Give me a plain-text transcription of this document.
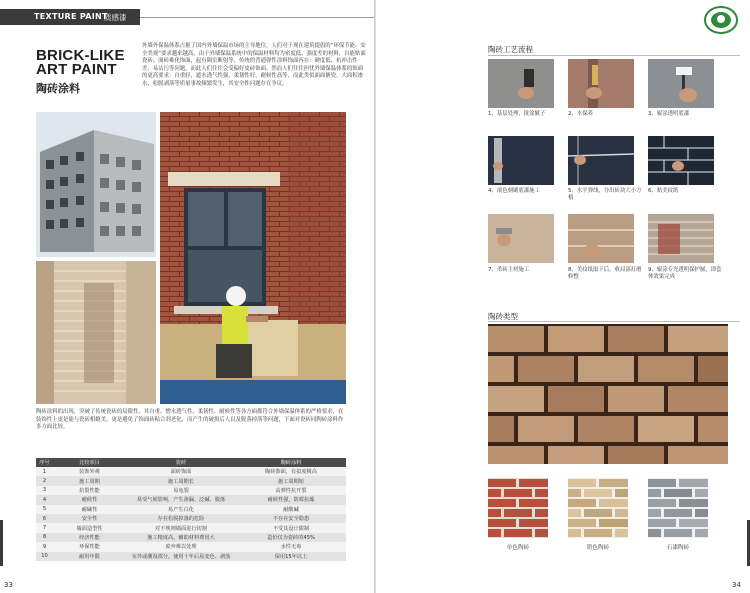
TEXTURE PAINT
质感漆
BRICK-LIKE
ART PAINT
陶砖涂料
外墙外保温体系占据了国内外墙保温市场的主导地位，人们对于现在建筑提倡的“环保节能、安全美观”要求越来越高，由于外墙保温系统中的保温材料均为密度低、强度差的材料，自能贴面瓷砖、面砖难化饰面，起有隔室断射等，传统的普通弹性涂料饰面容在：硬度低、抗冲击性差、易沾污等问题，而此人们往往会受偏好皮砖饰面。然而人们往往担忧外墙保温体系的饰面的更高要求：自重轻，遮水透气性强，柔韧性好，耐候性高等，而此类似面面搪瓷，大面积渗水、松脱剥落等质量事故频繁发生，其安全性问题存在争议。
陶砖涂料的出现，突破了传统瓷砖的局限性，其自重、憎水透气性、柔韧性、耐候性等各方面都符合外墙保温体系的严格要求，在装饰性上更是能与瓷砖相媲美，更是避免了饰面砖粘合剂老化，而产生的破损后人以及脱落掉落等问题，下面对瓷砖同陶砖涂料作多方面比较。
序号	比较项目	瓷砖	陶砖涂料
1	装饰外观	面砖饰面	陶砖饰面，有拟度极高
2	施工周期	施工周期长	施工周期短
3	抗裂性能	易龟裂	高弹性抗开裂
4	耐候性	易受气候影响，产生渗漏、泛碱、脱落	耐候性强，防霉抗藻
5	耐碱性	易产生白化	耐酸碱
6	安全性	存在松脱掉落的危险	不存在安全隐患
7	墙面造型性	对不规则墙面进行切割	不受其设计限制
8	经济性能	施工精度高，辅助材料费用大	造价仅为瓷砖的45%
9	环保性能	废弃难以处理	水性无毒
10	耐用年限	室外或潮湿部分，使用十年后易变色、剥落	保用15年以上
33
陶砖工艺流程
1、基层处理，批涂腻子	2、水保养	3、辊涂透明底漆
4、滚色刻刷底漆施工	5、水平弹线，分出砖块大小方格
6、贴美纹纸
7、杀砖主材施工	8、美纹纸取下后，收局部打磨修整
9、辊涂专光透明保护腻，即套体效果完成
陶砖类型
单色陶砖	错色陶砖	石漆陶砖
34
